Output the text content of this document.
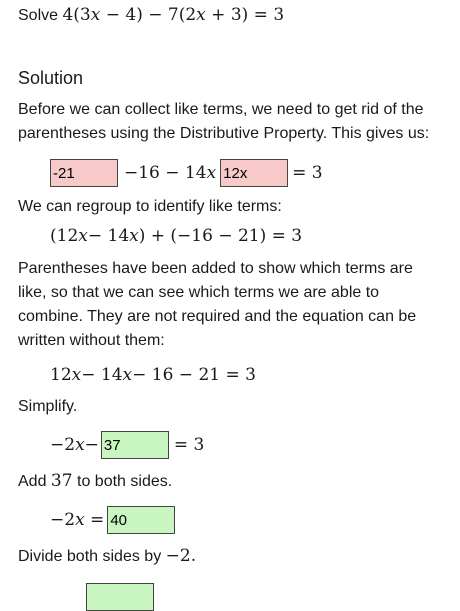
Solve 4(3x − 4) − 7(2x + 3) = 3
Solution

Before we can collect like terms, we need to get rid of the parentheses using the Distributive Property. This gives us:

-21
−16 − 14x
12x	= 3

We can regroup to identify like terms:

(12 x − 14 x ) + (−16 − 21) = 3

Parentheses have been added to show which terms are like, so that we can see which terms we are able to combine. They are not required and the equation can be written without them:

12 x − 14 x − 16 − 21 = 3

Simplify.

−2x−
37	= 3

Add 37 to both sides.

−2x =
40

Divide both sides by −2.
